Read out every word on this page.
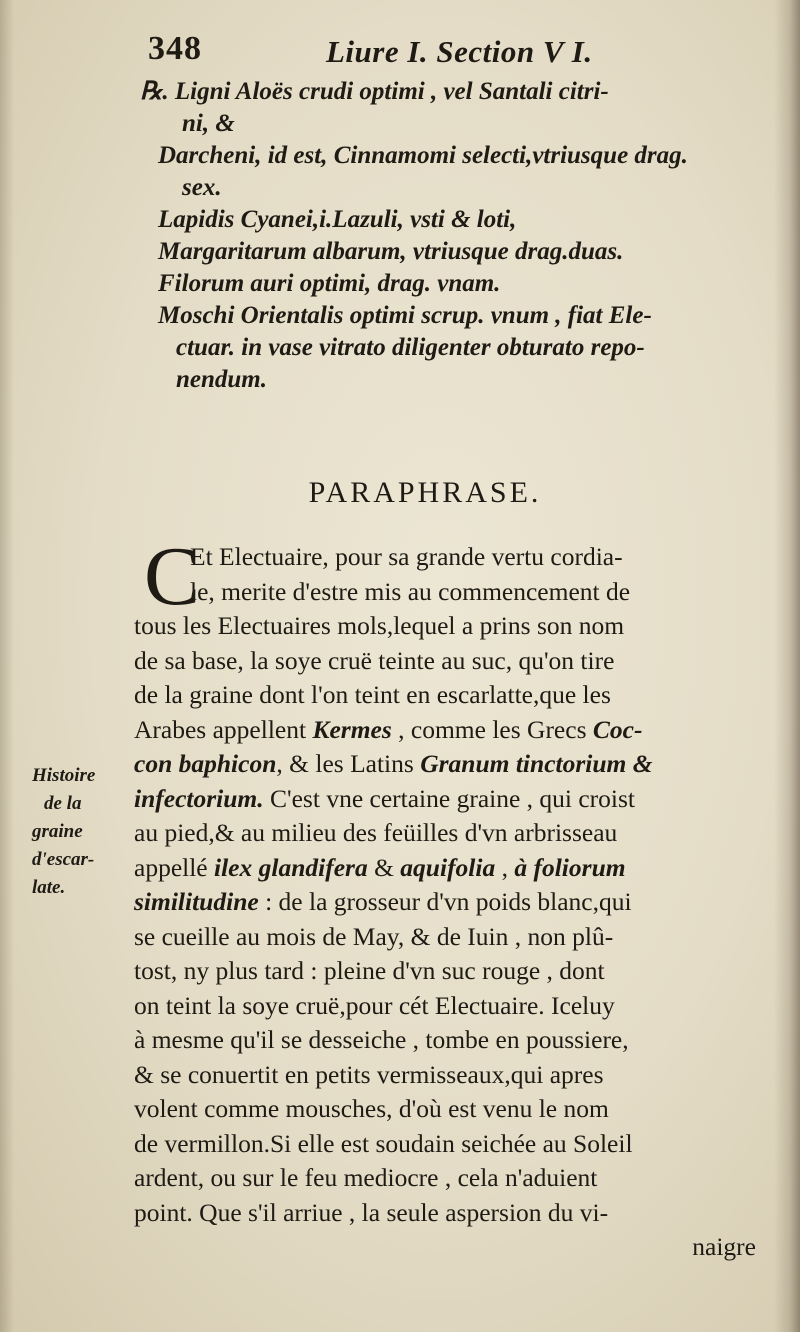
348	Liure I. Section V I.
℞. Ligni Aloës crudi optimi , vel Santali citri-
ni, &
Darcheni, id est, Cinnamomi selecti,vtriusque drag.
sex.
Lapidis Cyanei,i.Lazuli, vsti & loti,
Margaritarum albarum, vtriusque drag.duas.
Filorum auri optimi, drag. vnam.
Moschi Orientalis optimi scrup. vnum , fiat Ele-
ctuar. in vase vitrato diligenter obturato repo-
nendum.
PARAPHRASE.
C
Et Electuaire, pour sa grande vertu cordia-
le, merite d'estre mis au commencement de
tous les Electuaires mols,lequel a prins son nom
de sa base, la soye cruë teinte au suc, qu'on tire
de la graine dont l'on teint en escarlatte,que les
Arabes appellent Kermes , comme les Grecs Coc-
con baphicon, & les Latins Granum tinctorium &
infectorium. C'est vne certaine graine , qui croist
au pied,& au milieu des feüilles d'vn arbrisseau
appellé ilex glandifera & aquifolia , à foliorum
similitudine : de la grosseur d'vn poids blanc,qui
se cueille au mois de May, & de Iuin , non plû-
tost, ny plus tard : pleine d'vn suc rouge , dont
on teint la soye cruë,pour cét Electuaire. Iceluy
à mesme qu'il se desseiche , tombe en poussiere,
& se conuertit en petits vermisseaux,qui apres
volent comme mousches, d'où est venu le nom
de vermillon.Si elle est soudain seichée au Soleil
ardent, ou sur le feu mediocre , cela n'aduient
point. Que s'il arriue , la seule aspersion du vi-
naigre
Histoire
de la
graine
d'escar-
late.
